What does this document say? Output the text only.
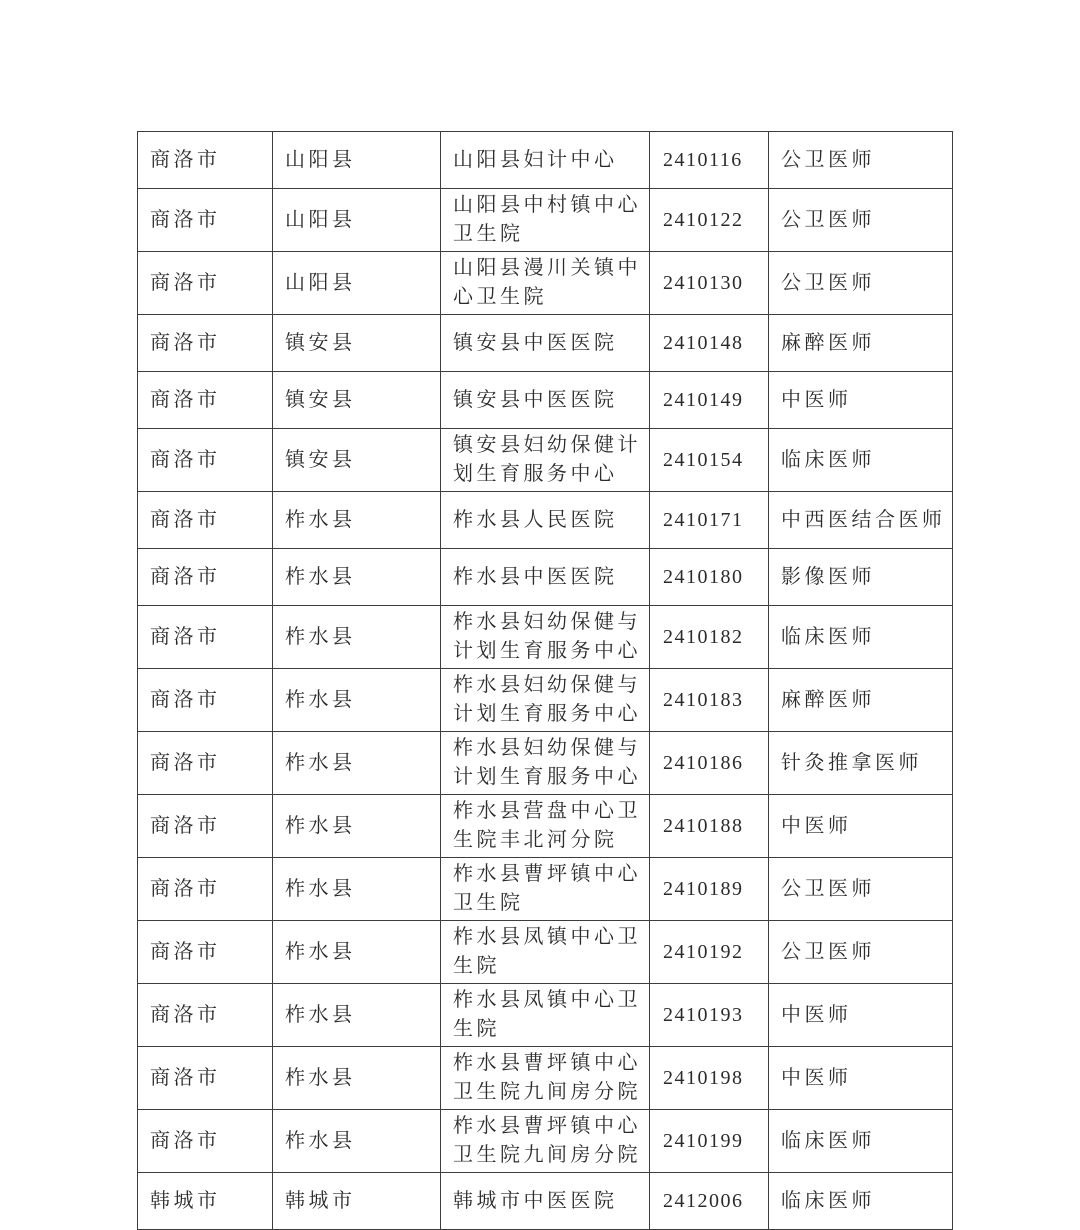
商洛市	山阳县	山阳县妇计中心	2410116	公卫医师
商洛市	山阳县	山阳县中村镇中心卫生院	2410122	公卫医师
商洛市	山阳县	山阳县漫川关镇中心卫生院	2410130	公卫医师
商洛市	镇安县	镇安县中医医院	2410148	麻醉医师
商洛市	镇安县	镇安县中医医院	2410149	中医师
商洛市	镇安县	镇安县妇幼保健计划生育服务中心	2410154	临床医师
商洛市	柞水县	柞水县人民医院	2410171	中西医结合医师
商洛市	柞水县	柞水县中医医院	2410180	影像医师
商洛市	柞水县	柞水县妇幼保健与计划生育服务中心	2410182	临床医师
商洛市	柞水县	柞水县妇幼保健与计划生育服务中心	2410183	麻醉医师
商洛市	柞水县	柞水县妇幼保健与计划生育服务中心	2410186	针灸推拿医师
商洛市	柞水县	柞水县营盘中心卫生院丰北河分院	2410188	中医师
商洛市	柞水县	柞水县曹坪镇中心卫生院	2410189	公卫医师
商洛市	柞水县	柞水县凤镇中心卫生院	2410192	公卫医师
商洛市	柞水县	柞水县凤镇中心卫生院	2410193	中医师
商洛市	柞水县	柞水县曹坪镇中心卫生院九间房分院	2410198	中医师
商洛市	柞水县	柞水县曹坪镇中心卫生院九间房分院	2410199	临床医师
韩城市	韩城市	韩城市中医医院	2412006	临床医师
